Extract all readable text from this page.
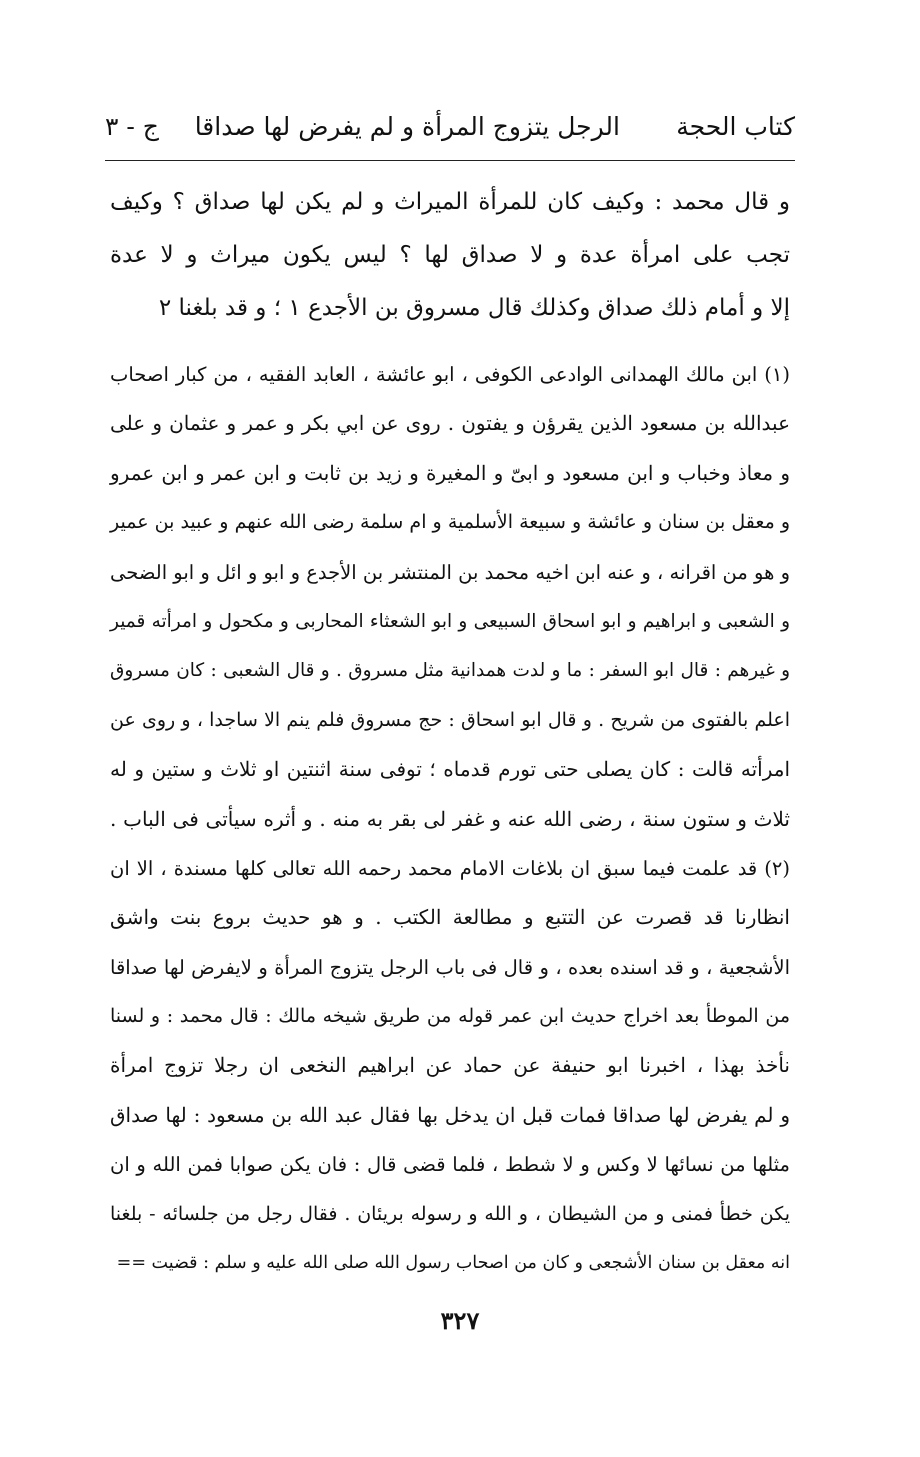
كتاب الحجة
الرجل يتزوج المرأة و لم يفرض لها صداقا
ج - ٣
و قال محمد : وكيف كان للمرأة الميراث و لم يكن لها صداق ؟ وكيف
تجب علی امرأة عدة و لا صداق لها ؟ ليس يكون ميراث و لا عدة
إلا و أمام ذلك صداق وكذلك قال مسروق بن الأجدع ١ ؛ و قد بلغنا ٢
(١) ابن مالك الهمدانی الوادعی الکوفی ، ابو عائشة ، العابد الفقيه ، من کبار اصحاب
عبدالله بن مسعود الذين يقرؤن و يفتون . روى عن ابي بكر و عمر و عثمان و علی
و معاذ وخباب و ابن مسعود و ابیّ و المغيرة و زيد بن ثابت و ابن عمر و ابن عمرو
و معقل بن سنان و عائشة و سبيعة الأسلمية و ام سلمة رضی الله عنهم و عبيد بن عمير
و هو من اقرانه ، و عنه ابن اخيه محمد بن المنتشر بن الأجدع و ابو و ائل و ابو الضحى
و الشعبی و ابراهيم و ابو اسحاق السبيعی و ابو الشعثاء المحاربی و مكحول و امرأته قمير
و غيرهم : قال ابو السفر : ما و لدت همدانية مثل مسروق . و قال الشعبی : كان مسروق
اعلم بالفتوی من شريح . و قال ابو اسحاق : حج مسروق فلم ينم الا ساجدا ، و روی عن
امرأته قالت : كان يصلی حتی تورم قدماه ؛ توفی سنة اثنتين او ثلاث و ستين و له
ثلاث و ستون سنة ، رضی الله عنه و غفر لی بقر به منه . و أثره سيأتی فی الباب .
(٢) قد علمت فيما سبق ان بلاغات الامام محمد رحمه الله تعالی كلها مسندة ، الا ان
انظارنا قد قصرت عن التتبع و مطالعة الكتب . و هو حديث بروع بنت واشق
الأشجعية ، و قد اسنده بعده ، و قال فی باب الرجل يتزوج المرأة و لايفرض لها صداقا
من الموطأ بعد اخراج حديث ابن عمر قوله من طريق شيخه مالك : قال محمد : و لسنا
نأخذ بهذا ، اخبرنا ابو حنيفة عن حماد عن ابراهيم النخعی ان رجلا تزوج امرأة
و لم يفرض لها صداقا فمات قبل ان يدخل بها فقال عبد الله بن مسعود : لها صداق
مثلها من نسائها لا وكس و لا شطط ، فلما قضی قال : فان يكن صوابا فمن الله و ان
يكن خطأ فمنی و من الشيطان ، و الله و رسوله بريئان . فقال رجل من جلسائه - بلغنا
انه معقل بن سنان الأشجعی و كان من اصحاب رسول الله صلی الله عليه و سلم : قضيت ==
٣٢٧
